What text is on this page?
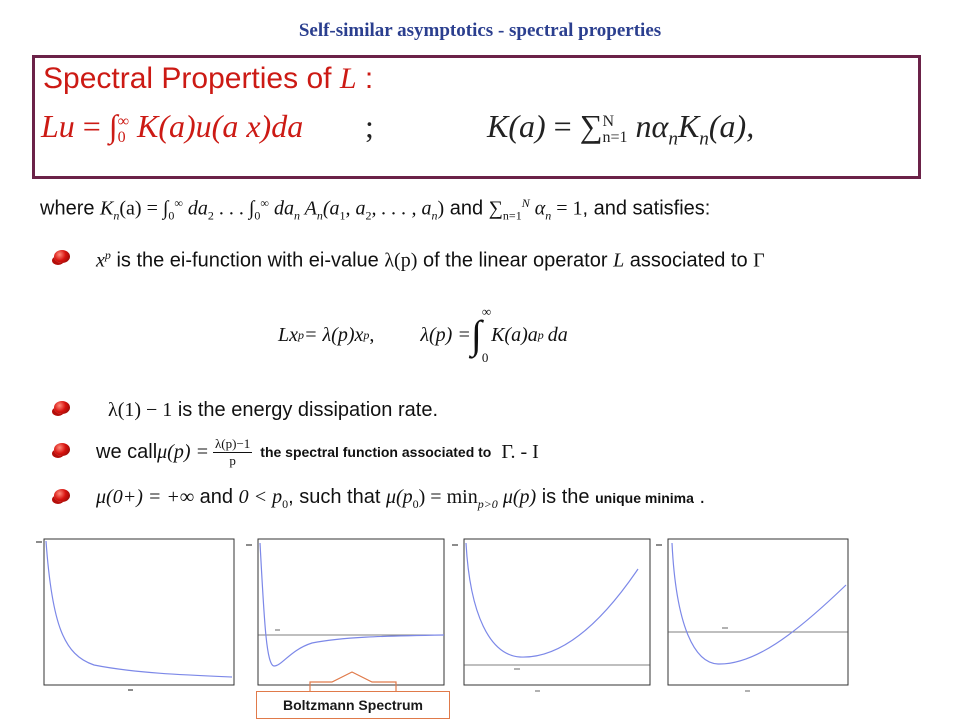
Self-similar asymptotics - spectral properties
Spectral Properties of L :
Lu = ∫ ∞
0 K(a)u(a x)da ;	K(a) = ∑ N
n=1 $n\alpha_nK_n(a)$,
where $K_n(a) = \int_0^\infty$ $da_2$ . . . $\int_0^\infty$ $da_n$ $A_n(a_1$, $a_2$, . . . , $a_n$) and $\sum_{n=1}^N$ $\alpha_n = 1$, and satisfies:
$x^p$ is the ei-function with ei-value λ(p) of the linear operator L associated to Γ
Lx p = λ(p)x p , λ(p) = ∫
∞
0
K(a)a p da
λ(1) − 1 is the energy dissipation rate.
we call $\mu(p) = \frac{\lambda(p)-1}{p}$ the spectral function associated to Γ. - I
μ(0+) = +∞ and $0 < p_0$, such that $\mu(p_0) = \min_{p>0} \mu(p)$ is the unique minima .
Boltzmann Spectrum
